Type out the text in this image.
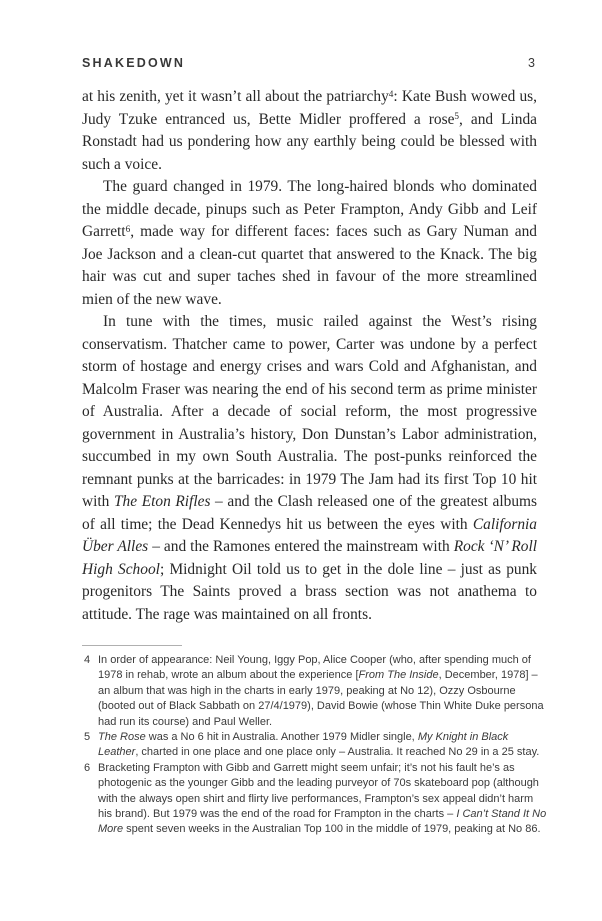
SHAKEDOWN	3

at his zenith, yet it wasn’t all about the patriarchy$^4$: Kate Bush wowed us, Judy Tzuke entranced us, Bette Midler proffered a rose$^5$, and Linda Ronstadt had us pondering how any earthly being could be blessed with such a voice.

The guard changed in 1979. The long-haired blonds who dominated the middle decade, pinups such as Peter Frampton, Andy Gibb and Leif Garrett$^6$, made way for different faces: faces such as Gary Numan and Joe Jackson and a clean-cut quartet that answered to the Knack. The big hair was cut and super taches shed in favour of the more streamlined mien of the new wave.

In tune with the times, music railed against the West’s rising conservatism. Thatcher came to power, Carter was undone by a perfect storm of hostage and energy crises and wars Cold and Afghanistan, and Malcolm Fraser was nearing the end of his second term as prime minister of Australia. After a decade of social reform, the most progressive government in Australia’s history, Don Dunstan’s Labor administration, succumbed in my own South Australia. The post-punks reinforced the remnant punks at the barricades: in 1979 The Jam had its first Top 10 hit with The Eton Rifles – and the Clash released one of the greatest albums of all time; the Dead Kennedys hit us between the eyes with California Über Alles – and the Ramones entered the mainstream with Rock ‘N’ Roll High School; Midnight Oil told us to get in the dole line – just as punk progenitors The Saints proved a brass section was not anathema to attitude. The rage was maintained on all fronts.

4 In order of appearance: Neil Young, Iggy Pop, Alice Cooper (who, after spending much of 1978 in rehab, wrote an album about the experience [From The Inside, December, 1978] – an album that was high in the charts in early 1979, peaking at No 12), Ozzy Osbourne (booted out of Black Sabbath on 27/4/1979), David Bowie (whose Thin White Duke persona had run its course) and Paul Weller.
5 The Rose was a No 6 hit in Australia. Another 1979 Midler single, My Knight in Black Leather, charted in one place and one place only – Australia. It reached No 29 in a 25 stay.
6 Bracketing Frampton with Gibb and Garrett might seem unfair; it’s not his fault he’s as photogenic as the younger Gibb and the leading purveyor of 70s skateboard pop (although with the always open shirt and flirty live performances, Frampton’s sex appeal didn’t harm his brand). But 1979 was the end of the road for Frampton in the charts – I Can’t Stand It No More spent seven weeks in the Australian Top 100 in the middle of 1979, peaking at No 86.
